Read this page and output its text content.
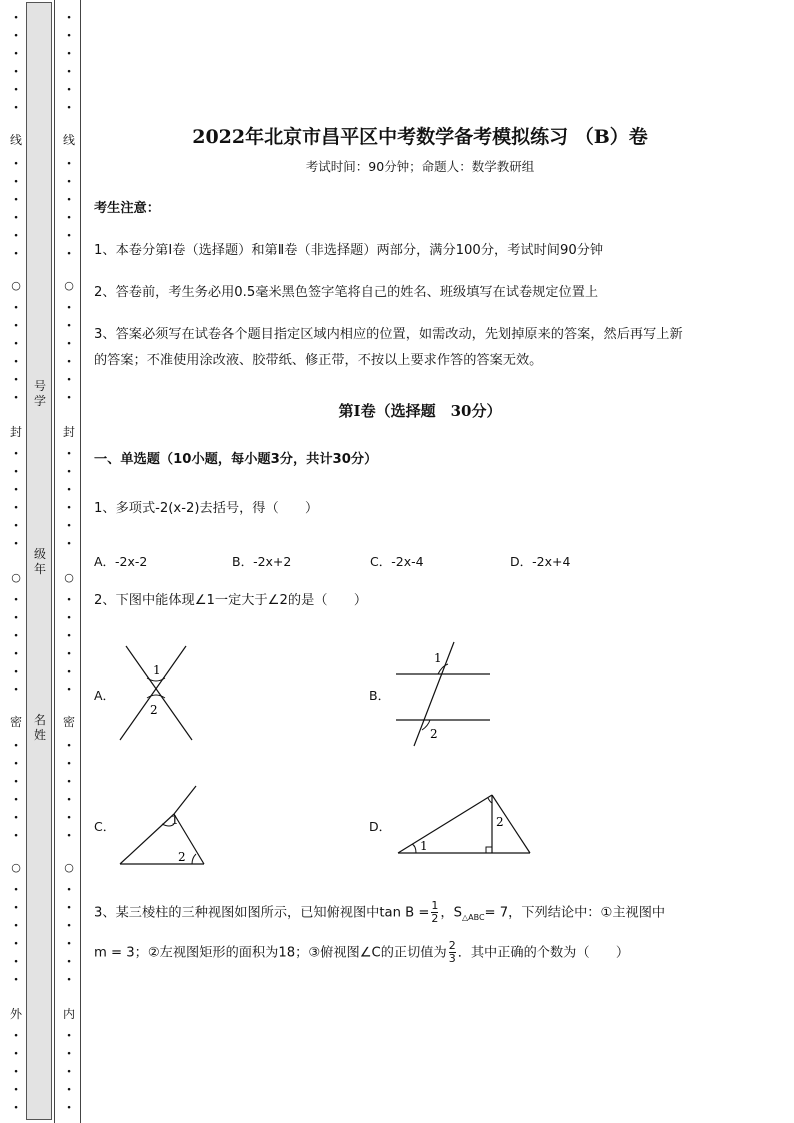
·
·
·
·
·
·
线
·
·
·
·
·
·
○
·
·
·
·
·
·
封
·
·
·
·
·
·
○
·
·
·
·
·
·
密
·
·
·
·
·
·
○
·
·
·
·
·
·
外
·
·
·
·
·
号
学
级
年
名
姓
·
·
·
·
·
·
线
·
·
·
·
·
·
○
·
·
·
·
·
·
封
·
·
·
·
·
·
○
·
·
·
·
·
·
密
·
·
·
·
·
·
○
·
·
·
·
·
·
内
·
·
·
·
·
2022年北京市昌平区中考数学备考模拟练习 （B）卷
考试时间：90分钟；命题人：数学教研组
考生注意：
1、本卷分第I卷（选择题）和第Ⅱ卷（非选择题）两部分，满分100分，考试时间90分钟
2、答卷前，考生务必用0.5毫米黑色签字笔将自己的姓名、班级填写在试卷规定位置上
3、答案必须写在试卷各个题目指定区域内相应的位置，如需改动，先划掉原来的答案，然后再写上新
的答案；不准使用涂改液、胶带纸、修正带，不按以上要求作答的答案无效。
第I卷（选择题　30分）
一、单选题（10小题，每小题3分，共计30分）
1、多项式-2(x-2)去括号，得（　　）
A．-2x-2	B．-2x+2	C．-2x-4	D．-2x+4
2、下图中能体现∠1一定大于∠2的是（　　）
A．
1
2
B．
1
2
C．	1
2
D．
1
2
3、某三棱柱的三种视图如图所示，已知俯视图中$\tan B = \frac{1}{2}$ ，$S_{\triangle ABC}= 7$，下列结论中：①主视图中
m = 3；②左视图矩形的面积为18；③俯视图∠C的正切值为 $\frac{2}{3}$ ．其中正确的个数为（　　）
